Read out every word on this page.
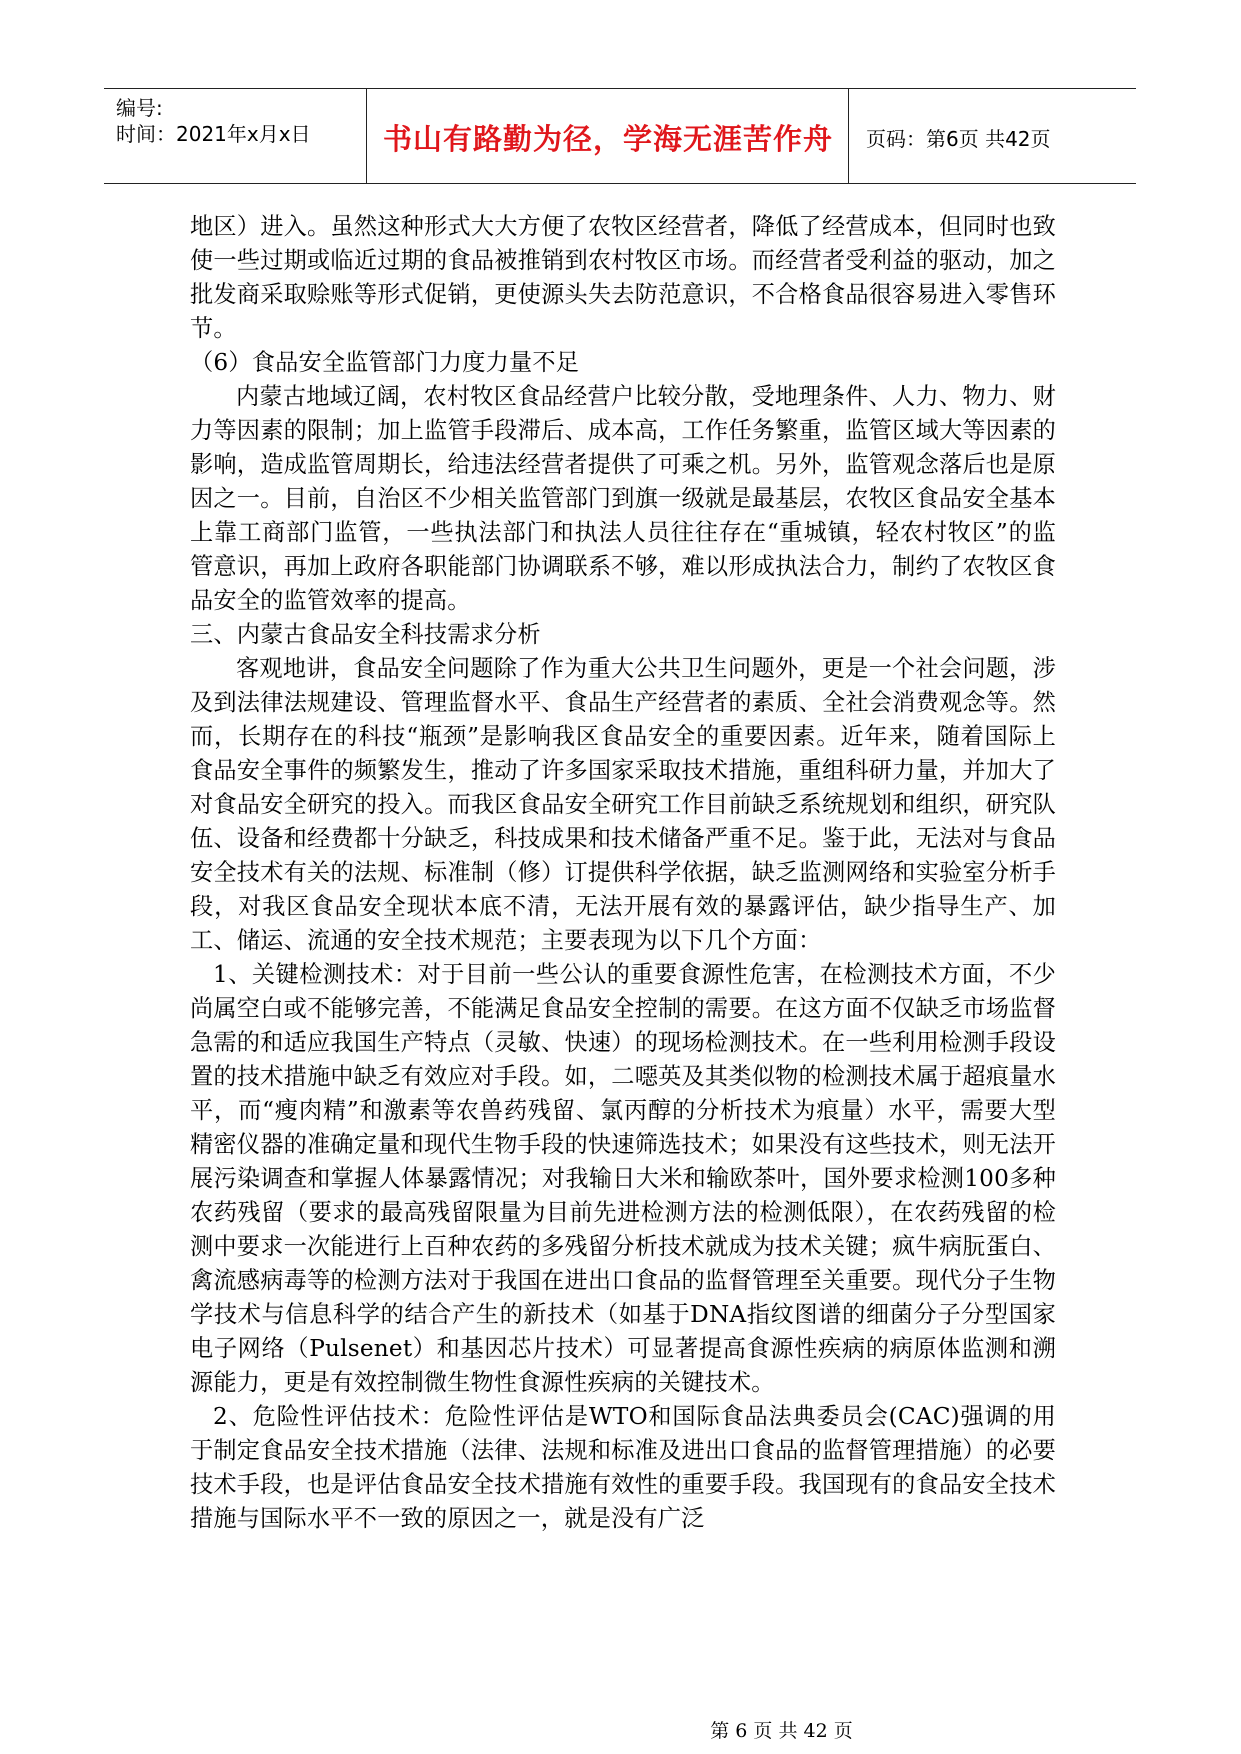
编号:
时间：2021年x月x日	书山有路勤为径，学海无涯苦作舟	页码：第6页 共42页

地区）进入。虽然这种形式大大方便了农牧区经营者，降低了经营成本，但同时也致使一些过期或临近过期的食品被推销到农村牧区市场。而经营者受利益的驱动，加之批发商采取赊账等形式促销，更使源头失去防范意识，不合格食品很容易进入零售环节。

（6）食品安全监管部门力度力量不足

内蒙古地域辽阔，农村牧区食品经营户比较分散，受地理条件、人力、物力、财力等因素的限制；加上监管手段滞后、成本高，工作任务繁重，监管区域大等因素的影响，造成监管周期长，给违法经营者提供了可乘之机。另外，监管观念落后也是原因之一。目前，自治区不少相关监管部门到旗一级就是最基层，农牧区食品安全基本上靠工商部门监管，一些执法部门和执法人员往往存在“重城镇，轻农村牧区”的监管意识，再加上政府各职能部门协调联系不够，难以形成执法合力，制约了农牧区食品安全的监管效率的提高。

三、内蒙古食品安全科技需求分析

客观地讲，食品安全问题除了作为重大公共卫生问题外，更是一个社会问题，涉及到法律法规建设、管理监督水平、食品生产经营者的素质、全社会消费观念等。然而，长期存在的科技“瓶颈”是影响我区食品安全的重要因素。近年来，随着国际上食品安全事件的频繁发生，推动了许多国家采取技术措施，重组科研力量，并加大了对食品安全研究的投入。而我区食品安全研究工作目前缺乏系统规划和组织，研究队伍、设备和经费都十分缺乏，科技成果和技术储备严重不足。鉴于此，无法对与食品安全技术有关的法规、标准制（修）订提供科学依据，缺乏监测网络和实验室分析手段，对我区食品安全现状本底不清，无法开展有效的暴露评估，缺少指导生产、加工、储运、流通的安全技术规范；主要表现为以下几个方面：

1、关键检测技术：对于目前一些公认的重要食源性危害，在检测技术方面，不少尚属空白或不能够完善，不能满足食品安全控制的需要。在这方面不仅缺乏市场监督急需的和适应我国生产特点（灵敏、快速）的现场检测技术。在一些利用检测手段设置的技术措施中缺乏有效应对手段。如，二噁英及其类似物的检测技术属于超痕量水平，而“瘦肉精”和激素等农兽药残留、氯丙醇的分析技术为痕量）水平，需要大型精密仪器的准确定量和现代生物手段的快速筛选技术；如果没有这些技术，则无法开展污染调查和掌握人体暴露情况；对我输日大米和输欧茶叶，国外要求检测100多种农药残留（要求的最高残留限量为目前先进检测方法的检测低限），在农药残留的检测中要求一次能进行上百种农药的多残留分析技术就成为技术关键；疯牛病朊蛋白、禽流感病毒等的检测方法对于我国在进出口食品的监督管理至关重要。现代分子生物学技术与信息科学的结合产生的新技术（如基于DNA指纹图谱的细菌分子分型国家电子网络（Pulsenet）和基因芯片技术）可显著提高食源性疾病的病原体监测和溯源能力，更是有效控制微生物性食源性疾病的关键技术。

2、危险性评估技术：危险性评估是WTO和国际食品法典委员会(CAC)强调的用于制定食品安全技术措施（法律、法规和标准及进出口食品的监督管理措施）的必要技术手段，也是评估食品安全技术措施有效性的重要手段。我国现有的食品安全技术措施与国际水平不一致的原因之一，就是没有广泛

第 6 页 共 42 页
